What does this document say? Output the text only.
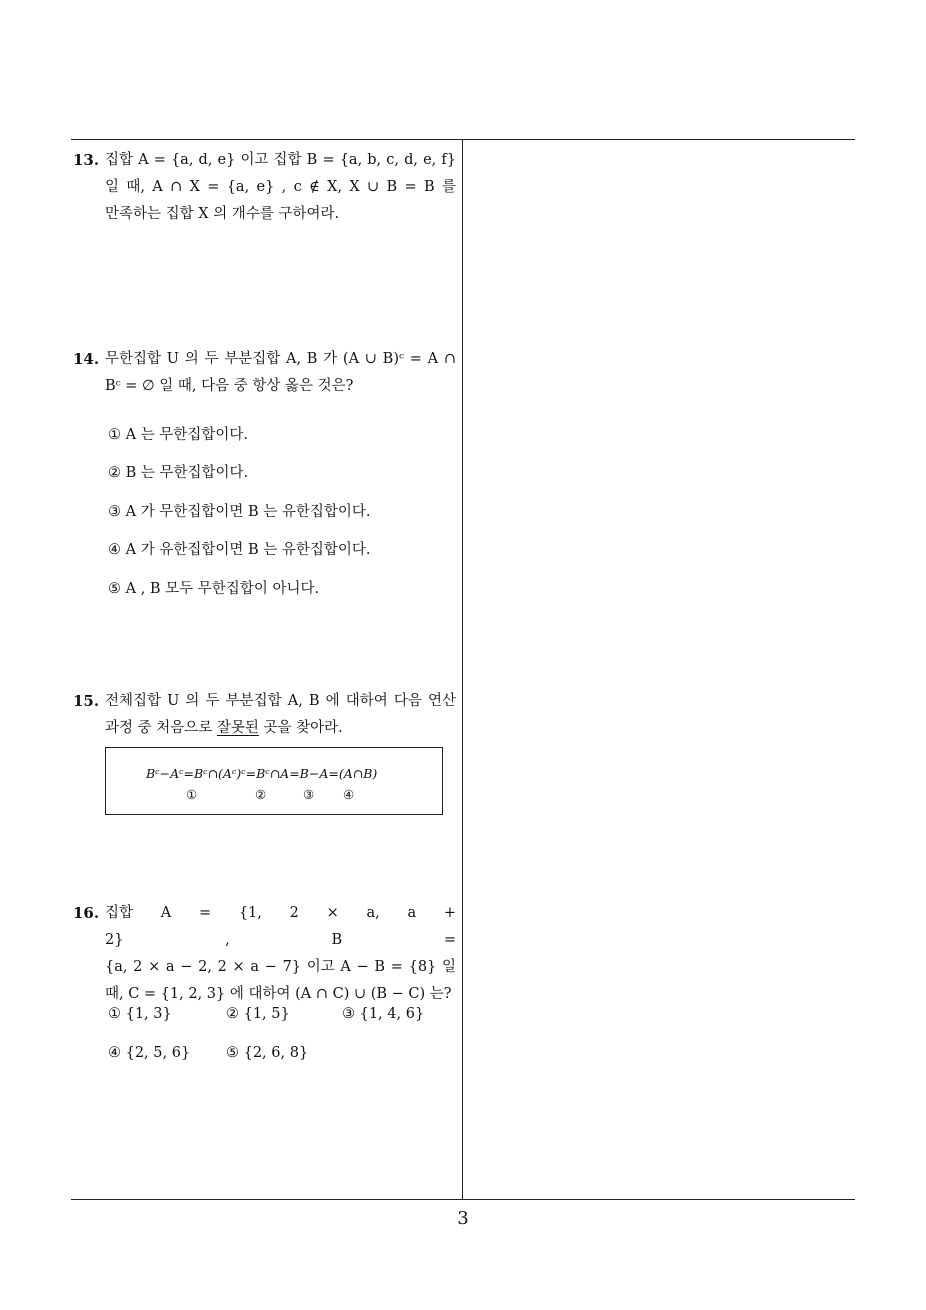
13. 집합 A = {a, d, e} 이고 집합 B = {a, b, c, d, e, f}
일 때, A ∩ X = {a, e} , c ∉ X, X ∪ B = B 를
만족하는 집합 X 의 개수를 구하여라.
14. 무한집합 U 의 두 부분집합 A, B 가 (A ∪ B)ᶜ = A ∩
Bᶜ = ∅ 일 때, 다음 중 항상 옳은 것은?
① A 는 무한집합이다.
② B 는 무한집합이다.
③ A 가 무한집합이면 B 는 유한집합이다.
④ A 가 유한집합이면 B 는 유한집합이다.
⑤ A , B 모두 무한집합이 아니다.
15. 전체집합 U 의 두 부분집합 A, B 에 대하여 다음 연산
과정 중 처음으로 잘못된 곳을 찾아라.
Bᶜ−Aᶜ=Bᶜ∩(Aᶜ)ᶜ=Bᶜ∩A=B−A=(A∩B)
①	②	③ ④
16. 집합 A = {1, 2 × a, a + 2} , B =
{a, 2 × a − 2, 2 × a − 7} 이고 A − B = {8} 일
때, C = {1, 2, 3} 에 대하여 (A ∩ C) ∪ (B − C) 는?
① {1, 3}	② {1, 5}	③ {1, 4, 6}
④ {2, 5, 6} ⑤ {2, 6, 8}
3
